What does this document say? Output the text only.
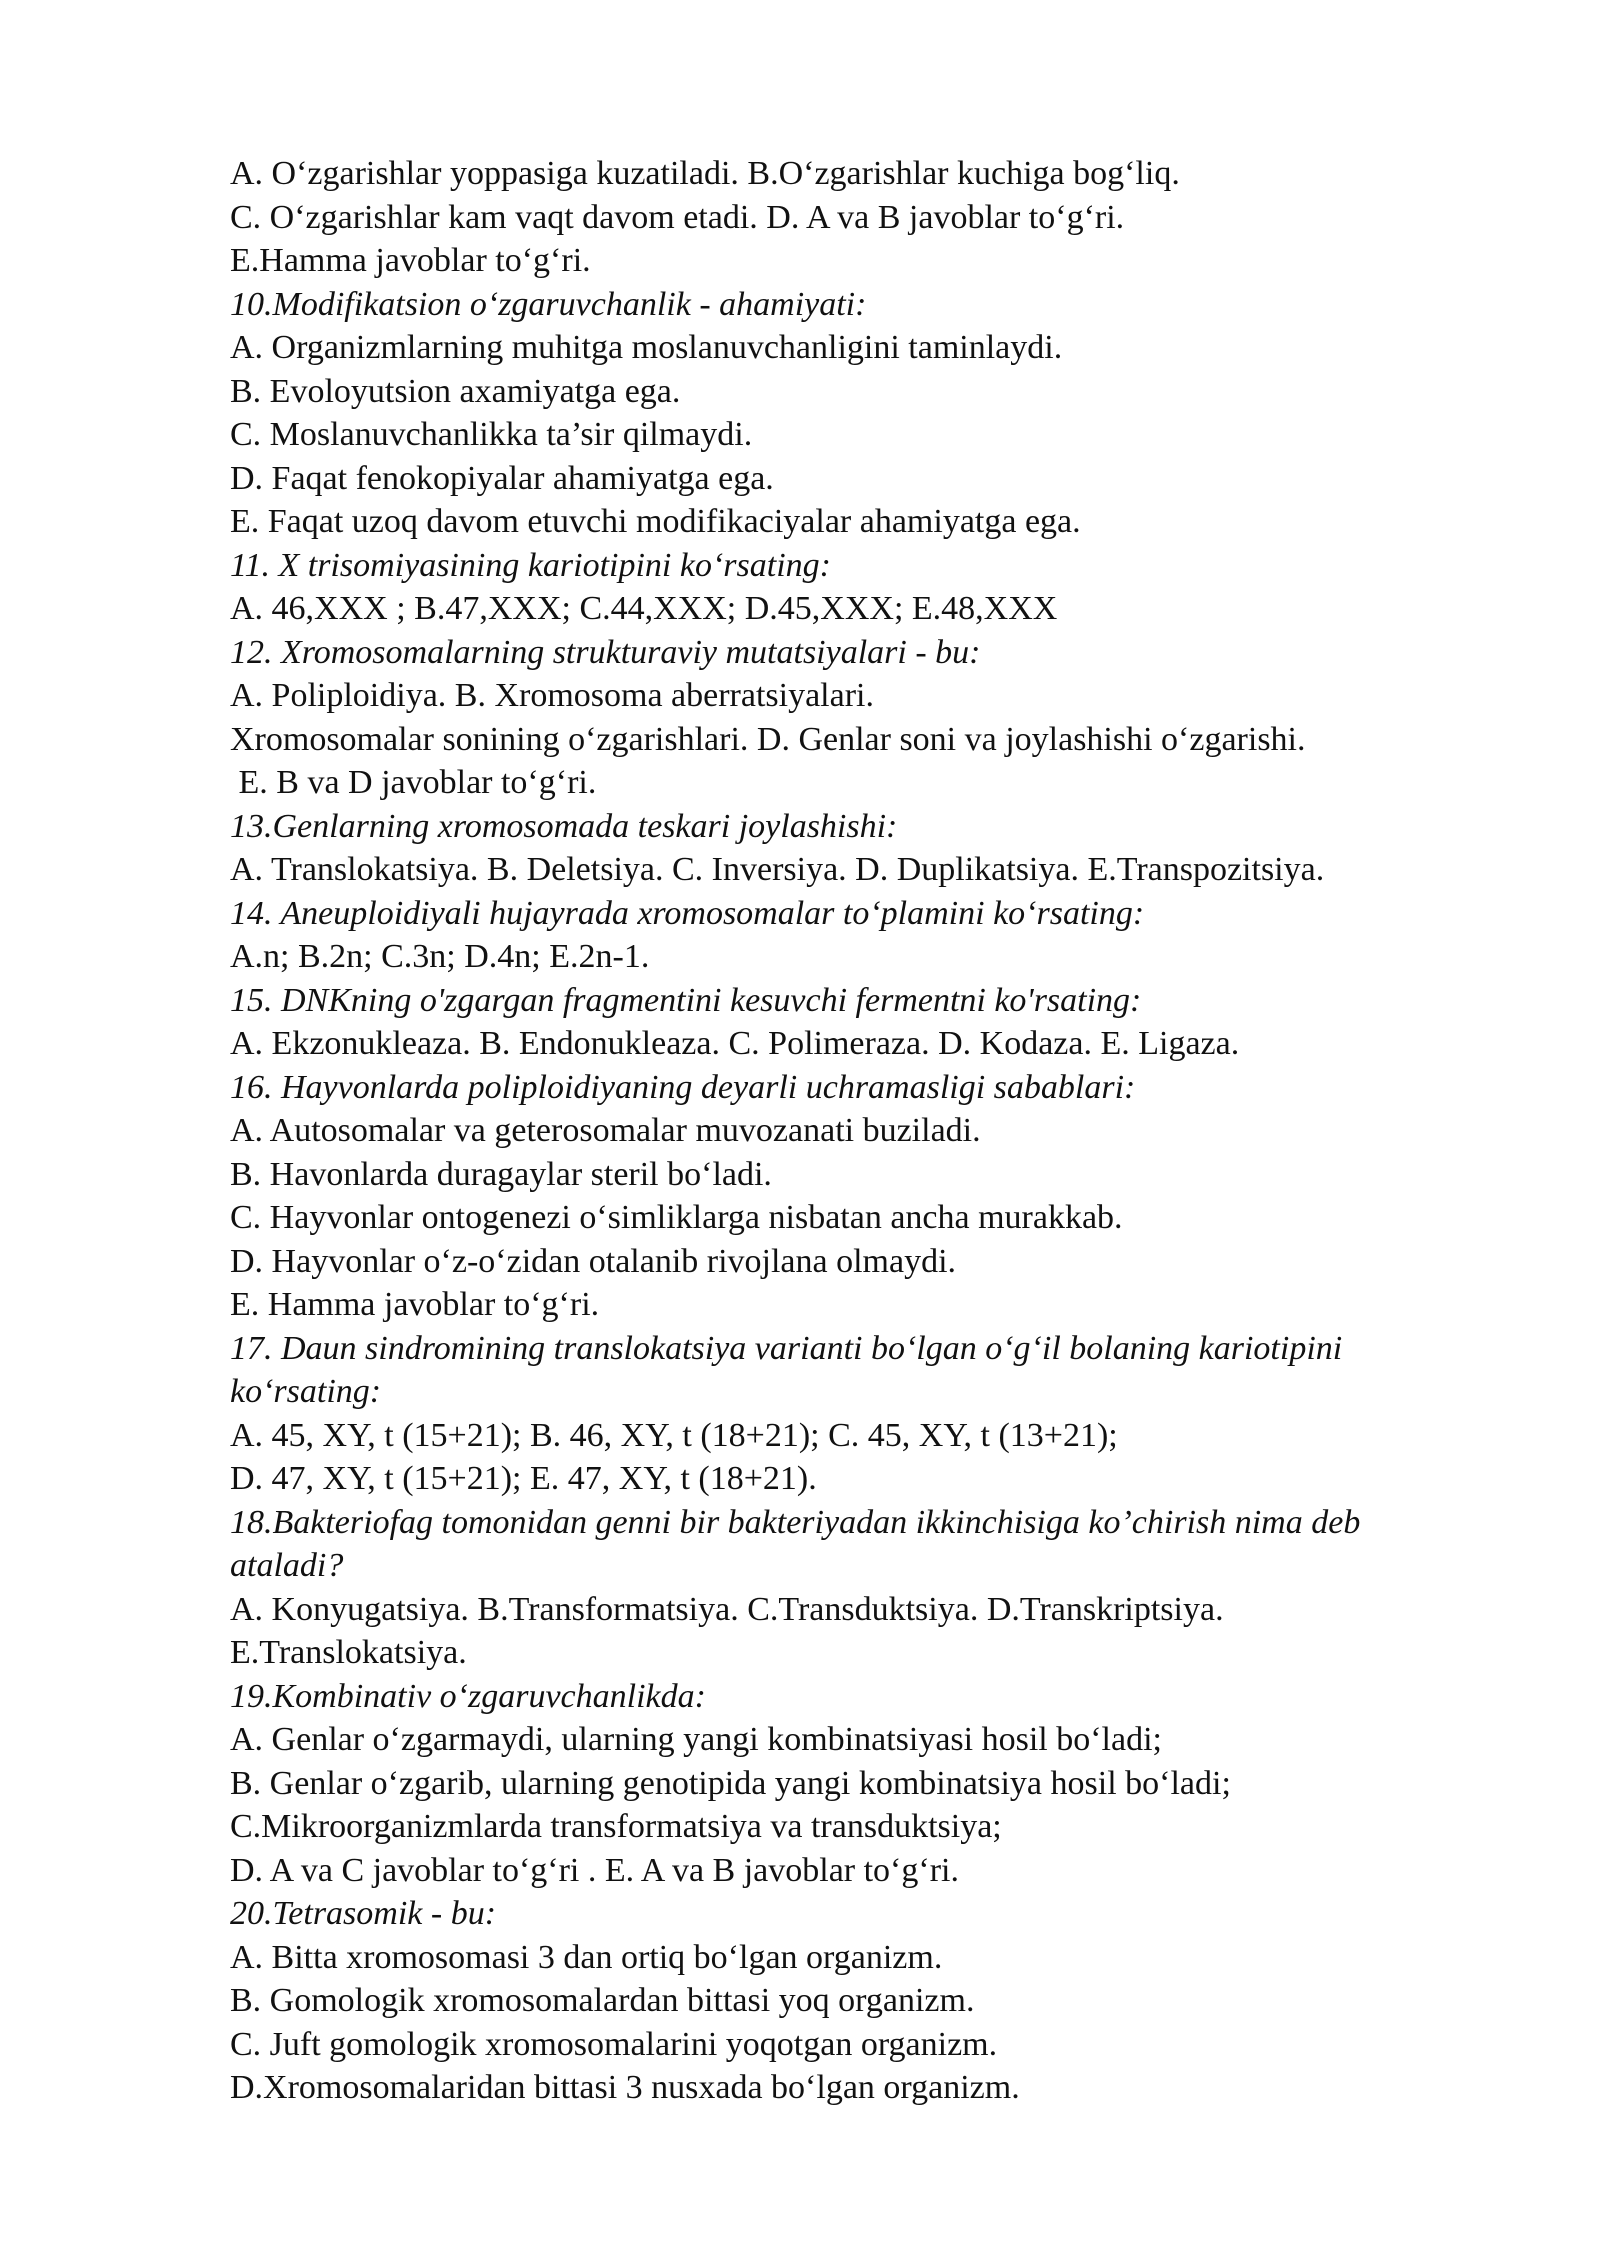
A. O‘zgarishlar yoppasiga kuzatiladi. B.O‘zgarishlar kuchiga bog‘liq.

C. O‘zgarishlar kam vaqt davom etadi. D. A va B javoblar to‘g‘ri.

E.Hamma javoblar to‘g‘ri.

10.Modifikatsion o‘zgaruvchanlik - ahamiyati:

A. Organizmlarning muhitga moslanuvchanligini taminlaydi.

B. Evoloyutsion axamiyatga ega.

C. Moslanuvchanlikka ta’sir qilmaydi.

D. Faqat fenokopiyalar ahamiyatga ega.

E. Faqat uzoq davom etuvchi modifikaciyalar ahamiyatga ega.

11. X trisomiyasining kariotipini ko‘rsating:

A. 46,XXX ; B.47,XXX; C.44,XXX; D.45,XXX; E.48,XXX

12. Xromosomalarning strukturaviy mutatsiyalari - bu:

A. Poliploidiya. B. Xromosoma aberratsiyalari.

Xromosomalar sonining o‘zgarishlari. D. Genlar soni va joylashishi o‘zgarishi.

E. B va D javoblar to‘g‘ri.

13.Genlarning xromosomada teskari joylashishi:

A. Translokatsiya. B. Deletsiya. C. Inversiya. D. Duplikatsiya. E.Transpozitsiya.

14. Aneuploidiyali hujayrada xromosomalar to‘plamini ko‘rsating:

A.n; B.2n; C.3n; D.4n; E.2n-1.

15. DNKning o'zgargan fragmentini kesuvchi fermentni ko'rsating:

A. Ekzonukleaza. B. Endonukleaza. C. Polimeraza. D. Kodaza. E. Ligaza.

16. Hayvonlarda poliploidiyaning deyarli uchramasligi sabablari:

A. Autosomalar va geterosomalar muvozanati buziladi.

B. Havonlarda duragaylar steril bo‘ladi.

C. Hayvonlar ontogenezi o‘simliklarga nisbatan ancha murakkab.

D. Hayvonlar o‘z-o‘zidan otalanib rivojlana olmaydi.

E. Hamma javoblar to‘g‘ri.

17. Daun sindromining translokatsiya varianti bo‘lgan o‘g‘il bolaning kariotipini

ko‘rsating:

A. 45, XY, t (15+21); B. 46, XY, t (18+21); C. 45, XY, t (13+21);

D. 47, XY, t (15+21); E. 47, XY, t (18+21).

18.Bakteriofag tomonidan genni bir bakteriyadan ikkinchisiga ko’chirish nima deb

ataladi?

A. Konyugatsiya. B.Transformatsiya. C.Transduktsiya. D.Transkriptsiya.

E.Translokatsiya.

19.Kombinativ o‘zgaruvchanlikda:

A. Genlar o‘zgarmaydi, ularning yangi kombinatsiyasi hosil bo‘ladi;

B. Genlar o‘zgarib, ularning genotipida yangi kombinatsiya hosil bo‘ladi;

C.Mikroorganizmlarda transformatsiya va transduktsiya;

D. A va C javoblar to‘g‘ri . E. A va B javoblar to‘g‘ri.

20.Tetrasomik - bu:

A. Bitta xromosomasi 3 dan ortiq bo‘lgan organizm.

B. Gomologik xromosomalardan bittasi yoq organizm.

C. Juft gomologik xromosomalarini yoqotgan organizm.

D.Xromosomalaridan bittasi 3 nusxada bo‘lgan organizm.
